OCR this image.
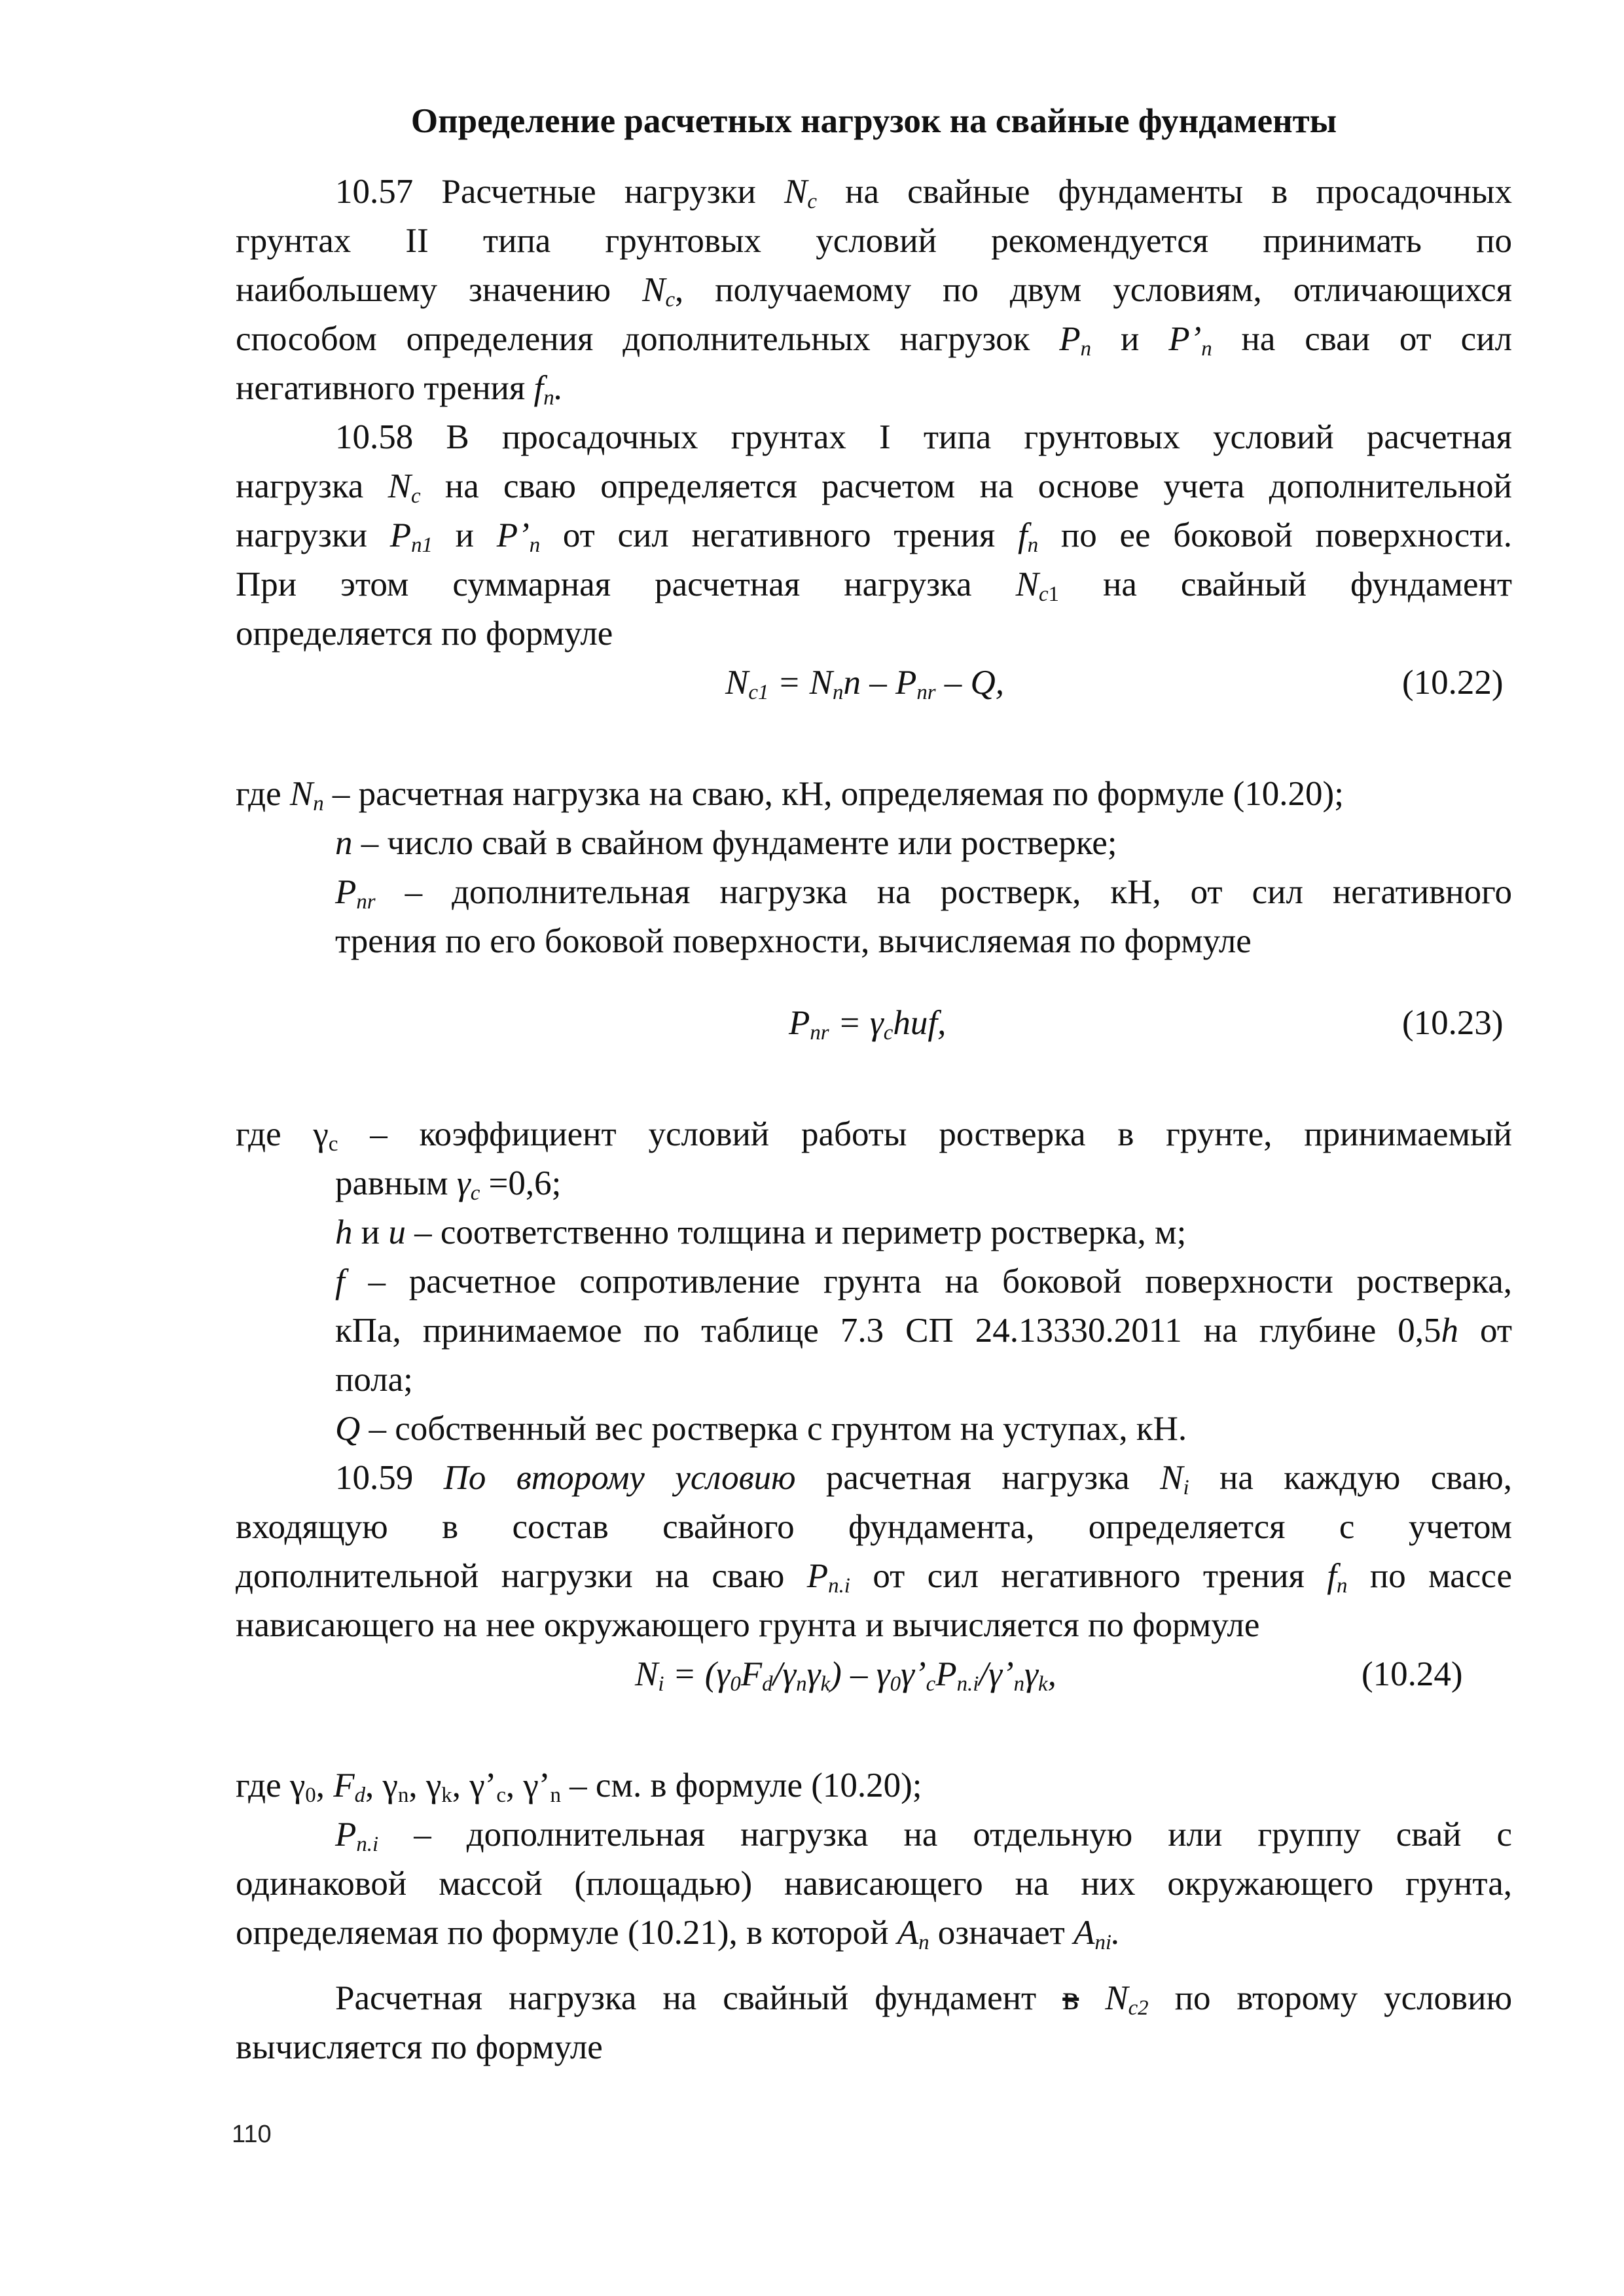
Определение расчетных нагрузок на свайные фундаменты
10.57 Расчетные нагрузки $N_c$ на свайные фундаменты в просадочных
грунтах II типа грунтовых условий рекомендуется принимать по
наибольшему значению $N_c$, получаемому по двум условиям, отличающихся
способом определения дополнительных нагрузок $P_n$ и $P’_n$ на сваи от сил
негативного трения $f_n$.
10.58 В просадочных грунтах I типа грунтовых условий расчетная
нагрузка $N_c$ на сваю определяется расчетом на основе учета дополнительной
нагрузки $P_{n1}$ и $P’_n$ от сил негативного трения $f_n$ по ее боковой поверхности.
При этом суммарная расчетная нагрузка $N_{c1}$ на свайный фундамент
определяется по формуле
$N_{c1} = N_nn - P_{nr} - Q$,	(10.22)
где $N_n$ – расчетная нагрузка на сваю, кН, определяемая по формуле (10.20);
n – число свай в свайном фундаменте или ростверке;
$P_{nr}$ – дополнительная нагрузка на ростверк, кН, от сил негативного
трения по его боковой поверхности, вычисляемая по формуле
$P_{nr} = \gamma_chuf$,	(10.23)
где $\gamma_c$ – коэффициент условий работы ростверка в грунте, принимаемый
равным $\gamma_c =0,6$;
h и u – соответственно толщина и периметр ростверка, м;
f – расчетное сопротивление грунта на боковой поверхности ростверка,
кПа, принимаемое по таблице 7.3 СП 24.13330.2011 на глубине 0,5h от
пола;
Q – собственный вес ростверка с грунтом на уступах, кН.
10.59 По второму условию расчетная нагрузка $N_i$ на каждую сваю,
входящую в состав свайного фундамента, определяется с учетом
дополнительной нагрузки на сваю $P_{n.i}$ от сил негативного трения $f_n$ по массе
нависающего на нее окружающего грунта и вычисляется по формуле
$N_i = (\gamma_0F_d/\gamma_n\gamma_k)$ – $\gamma_0\gamma’_cP_{n.i}/\gamma’_n\gamma_k$,	(10.24)
где $\gamma_0$, $F_d$, $\gamma_n$, $\gamma_k$, $\gamma’_c$, $\gamma’_n$ – см. в формуле (10.20);
$P_{n.i}$ – дополнительная нагрузка на отдельную или группу свай с
одинаковой массой (площадью) нависающего на них окружающего грунта,
определяемая по формуле (10.21), в которой $A_n$ означает $A_{ni}$.
Расчетная нагрузка на свайный фундамент в $N_{c2}$ по второму условию
вычисляется по формуле
110
